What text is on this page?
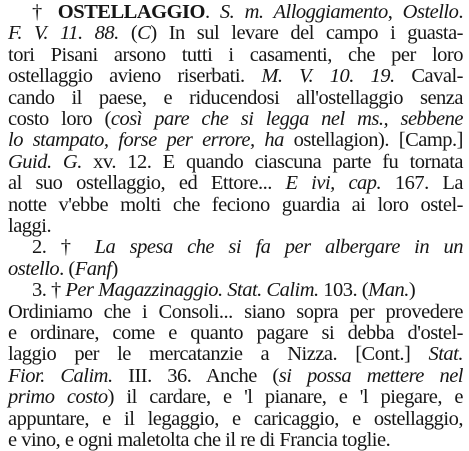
† OSTELLAGGIO. S. m. Alloggiamento, Ostello.
F. V. 11. 88. (C) In sul levare del campo i guasta-
tori Pisani arsono tutti i casamenti, che per loro
ostellaggio avieno riserbati. M. V. 10. 19. Caval-
cando il paese, e riducendosi all'ostellaggio senza
costo loro (così pare che si legga nel ms., sebbene
lo stampato, forse per errore, ha ostellagion). [Camp.]
Guid. G. xv. 12. E quando ciascuna parte fu tornata
al suo ostellaggio, ed Ettore... E ivi, cap. 167. La
notte v'ebbe molti che feciono guardia ai loro ostel-
laggi.
2. † La spesa che si fa per albergare in un
ostello. (Fanf)
3. † Per Magazzinaggio. Stat. Calim. 103. (Man.)
Ordiniamo che i Consoli... siano sopra per provedere
e ordinare, come e quanto pagare si debba d'ostel-
laggio per le mercatanzie a Nizza. [Cont.] Stat.
Fior. Calim. III. 36. Anche (si possa mettere nel
primo costo) il cardare, e 'l pianare, e 'l piegare, e
appuntare, e il legaggio, e caricaggio, e ostellaggio,
e vino, e ogni maletolta che il re di Francia toglie.
